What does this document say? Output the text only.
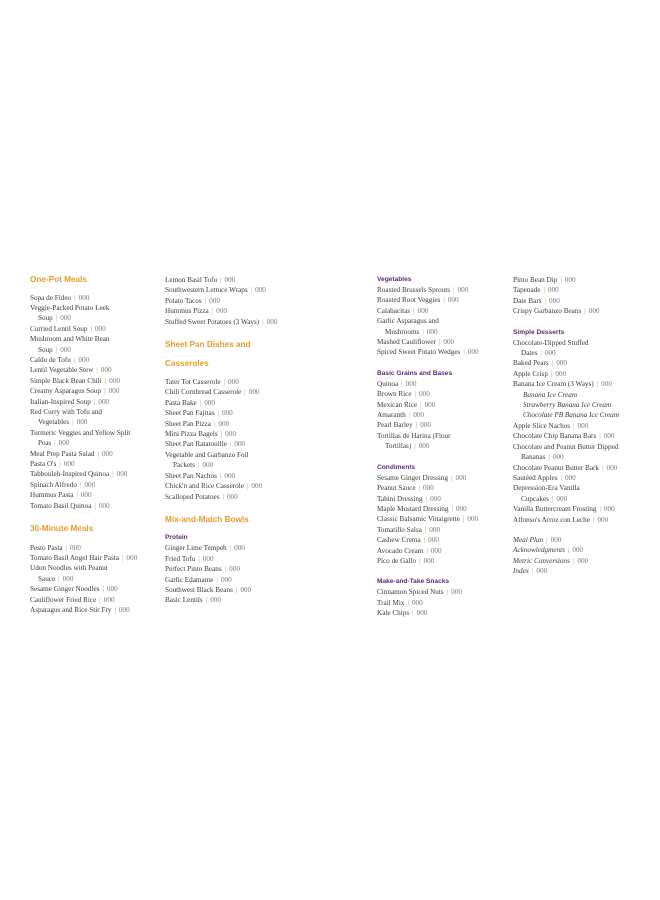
One-Pot Meals
Sopa de Fideo | 000
Veggie-Packed Potato Leek
Soup | 000
Curried Lentil Soup | 000
Mushroom and White Bean
Soup | 000
Caldo de Tofu | 000
Lentil Vegetable Stew | 000
Simple Black Bean Chili | 000
Creamy Asparagus Soup | 000
Italian-Inspired Soup | 000
Red Curry with Tofu and
Vegetables | 000
Turmeric Veggies and Yellow Split
Peas | 000
Meal Prep Pasta Salad | 000
Pasta O's | 000
Tabbouleh-Inspired Quinoa | 000
Spinach Alfredo | 000
Hummus Pasta | 000
Tomato Basil Quinoa | 000
30-Minute Meals
Pesto Pasta | 000
Tomato Basil Angel Hair Pasta | 000
Udon Noodles with Peanut
Sauce | 000
Sesame Ginger Noodles | 000
Cauliflower Fried Rice | 000
Asparagus and Rice Stir Fry | 000
Lemon Basil Tofu | 000
Southwestern Lettuce Wraps | 000
Potato Tacos | 000
Hummus Pizza | 000
Stuffed Sweet Potatoes (3 Ways) | 000
Sheet Pan Dishes and
Casseroles
Tater Tot Casserole | 000
Chili Cornbread Casserole | 000
Pasta Bake | 000
Sheet Pan Fajitas | 000
Sheet Pan Pizza | 000
Mini Pizza Bagels | 000
Sheet Pan Ratatouille | 000
Vegetable and Garbanzo Foil
Packets | 000
Sheet Pan Nachos | 000
Chick'n and Rice Casserole | 000
Scalloped Potatoes | 000
Mix-and-Match Bowls
Protein
Ginger Lime Tempeh | 000
Fried Tofu | 000
Perfect Pinto Beans | 000
Garlic Edamame | 000
Southwest Black Beans | 000
Basic Lentils | 000
Vegetables
Roasted Brussels Sprouts | 000
Roasted Root Veggies | 000
Calabacitas | 000
Garlic Asparagus and
Mushrooms | 000
Mashed Cauliflower | 000
Spiced Sweet Potato Wedges | 000
Basic Grains and Bases
Quinoa | 000
Brown Rice | 000
Mexican Rice | 000
Amaranth | 000
Pearl Barley | 000
Tortillas de Harina (Flour
Tortillas) | 000
Condiments
Sesame Ginger Dressing | 000
Peanut Sauce | 000
Tahini Dressing | 000
Maple Mustard Dressing | 000
Classic Balsamic Vinaigrette | 000
Tomatillo Salsa | 000
Cashew Crema | 000
Avocado Cream | 000
Pico de Gallo | 000
Make-and-Take Snacks
Cinnamon Spiced Nuts | 000
Trail Mix | 000
Kale Chips | 000
Pinto Bean Dip | 000
Tapenade | 000
Date Bars | 000
Crispy Garbanzo Beans | 000
Simple Desserts
Chocolate-Dipped Stuffed
Dates | 000
Baked Pears | 000
Apple Crisp | 000
Banana Ice Cream (3 Ways) | 000
Banana Ice Cream
Strawberry Banana Ice Cream
Chocolate PB Banana Ice Cream
Apple Slice Nachos | 000
Chocolate Chip Banana Bars | 000
Chocolate and Peanut Butter Dipped
Bananas | 000
Chocolate Peanut Butter Bark | 000
Sautéed Apples | 000
Depression-Era Vanilla
Cupcakes | 000
Vanilla Buttercream Frosting | 000
Alfonso's Arroz con Leche | 000
Meal Plan | 000
Acknowledgments | 000
Metric Conversions | 000
Index | 000
